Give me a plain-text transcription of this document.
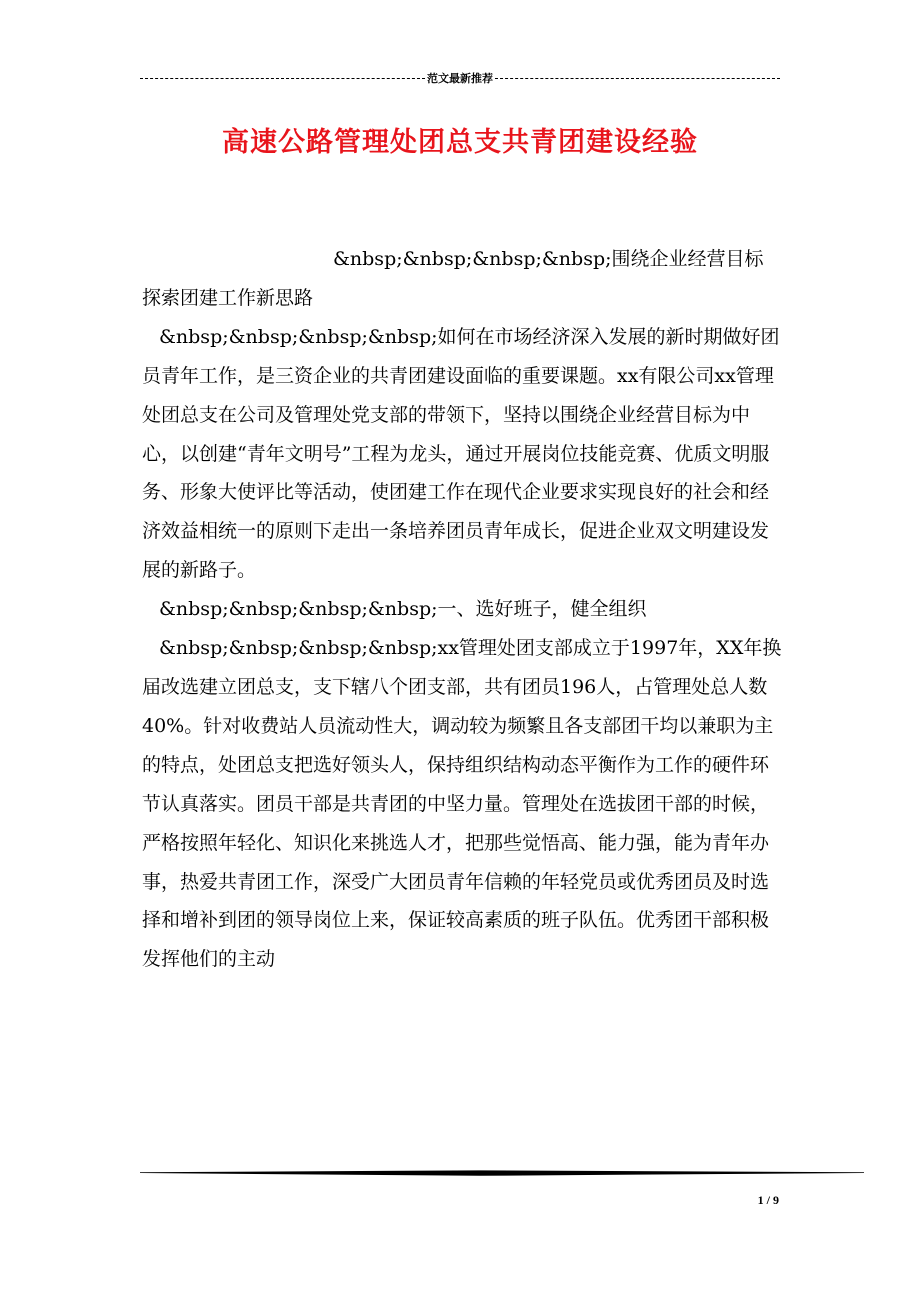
范文最新推荐
高速公路管理处团总支共青团建设经验

&nbsp;&nbsp;&nbsp;&nbsp;围绕企业经营目标探索团建工作新思路

&nbsp;&nbsp;&nbsp;&nbsp;如何在市场经济深入发展的新时期做好团员青年工作，是三资企业的共青团建设面临的重要课题。xx有限公司xx管理处团总支在公司及管理处党支部的带领下，坚持以围绕企业经营目标为中心，以创建“青年文明号”工程为龙头，通过开展岗位技能竞赛、优质文明服务、形象大使评比等活动，使团建工作在现代企业要求实现良好的社会和经济效益相统一的原则下走出一条培养团员青年成长，促进企业双文明建设发展的新路子。

&nbsp;&nbsp;&nbsp;&nbsp;一、选好班子，健全组织

&nbsp;&nbsp;&nbsp;&nbsp;xx管理处团支部成立于1997年，XX年换届改选建立团总支，支下辖八个团支部，共有团员196人，占管理处总人数40%。针对收费站人员流动性大，调动较为频繁且各支部团干均以兼职为主的特点，处团总支把选好领头人，保持组织结构动态平衡作为工作的硬件环节认真落实。团员干部是共青团的中坚力量。管理处在选拔团干部的时候，严格按照年轻化、知识化来挑选人才，把那些觉悟高、能力强，能为青年办事，热爱共青团工作，深受广大团员青年信赖的年轻党员或优秀团员及时选择和增补到团的领导岗位上来，保证较高素质的班子队伍。优秀团干部积极发挥他们的主动

1 / 9
